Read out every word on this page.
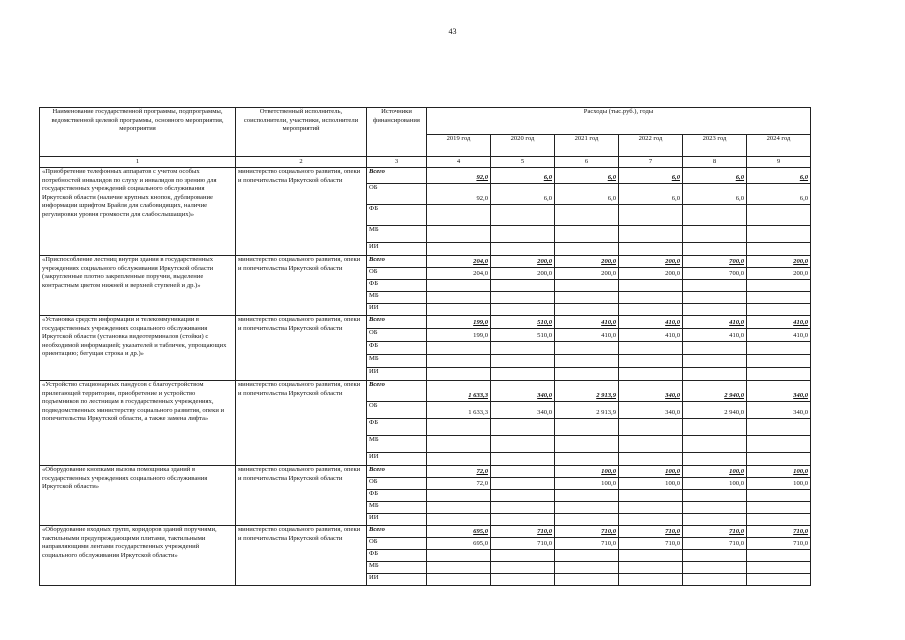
43
Наименование государственной программы, подпрограммы, ведомственной целевой программы, основного мероприятия, мероприятия	Ответственный исполнитель, соисполнители, участники, исполнители мероприятий	Источники финансирования	Расходы (тыс.руб.), годы					
			2019 год	2020 год	2021 год	2022 год	2023 год	2024 год
1	2	3	4	5	6	7	8	9
«Приобретение телефонных аппаратов с учетом особых потребностей инвалидов по слуху и инвалидов по зрению для государственных учреждений социального обслуживания Иркутской области (наличие крупных кнопок, дублирование информации шрифтом Брайля для слабовидящих, наличие регулировки уровня громкости для слабослышащих)»	министерство социального развития, опеки и попечительства Иркутской области	Всего	92,0	6,0	6,0	6,0	6,0	6,0
		ОБ	92,0	6,0	6,0	6,0	6,0	6,0
		ФБ						
		МБ						
		ИИ						
«Приспособление лестниц внутри здания в государственных учреждениях социального обслуживания Иркутской области (закругленные плотно закрепленные поручни, выделение контрастным цветом нижней и верхней ступеней и др.)»	министерство социального развития, опеки и попечительства Иркутской области	Всего	204,0	200,0	200,0	200,0	700,0	200,0
		ОБ	204,0	200,0	200,0	200,0	700,0	200,0
		ФБ						
		МБ						
		ИИ						
«Установка средств информации и телекоммуникации в государственных учреждениях социального обслуживания Иркутской области (установка видеотерминалов (стойки) с необходимой информацией; указателей и табличек, упрощающих ориентацию; бегущая строка и др.)»	министерство социального развития, опеки и попечительства Иркутской области	Всего	199,0	510,0	410,0	410,0	410,0	410,0
		ОБ	199,0	510,0	410,0	410,0	410,0	410,0
		ФБ						
		МБ						
		ИИ						
«Устройство стационарных пандусов с благоустройством прилегающей территории, приобретение и устройство подъемников по лестницам в государственных учреждениях, подведомственных министерству социального развития, опеки и попечительства Иркутской области, а также замена лифта»	министерство социального развития, опеки и попечительства Иркутской области	Всего	1 633,3	340,0	2 913,9	340,0	2 940,0	340,0
		ОБ	1 633,3	340,0	2 913,9	340,0	2 940,0	340,0
		ФБ						
		МБ						
		ИИ						
«Оборудование кнопками вызова помощника зданий в государственных учреждениях социального обслуживания Иркутской области»	министерство социального развития, опеки и попечительства Иркутской области	Всего	72,0		100,0	100,0	100,0	100,0
		ОБ	72,0		100,0	100,0	100,0	100,0
		ФБ						
		МБ						
		ИИ						
«Оборудование входных групп, коридоров зданий поручнями, тактильными предупреждающими плитами, тактильными направляющими лентами государственных учреждений социального обслуживания Иркутской области»	министерство социального развития, опеки и попечительства Иркутской области	Всего	695,0	710,0	710,0	710,0	710,0	710,0
		ОБ	695,0	710,0	710,0	710,0	710,0	710,0
		ФБ						
		МБ						
		ИИ						
